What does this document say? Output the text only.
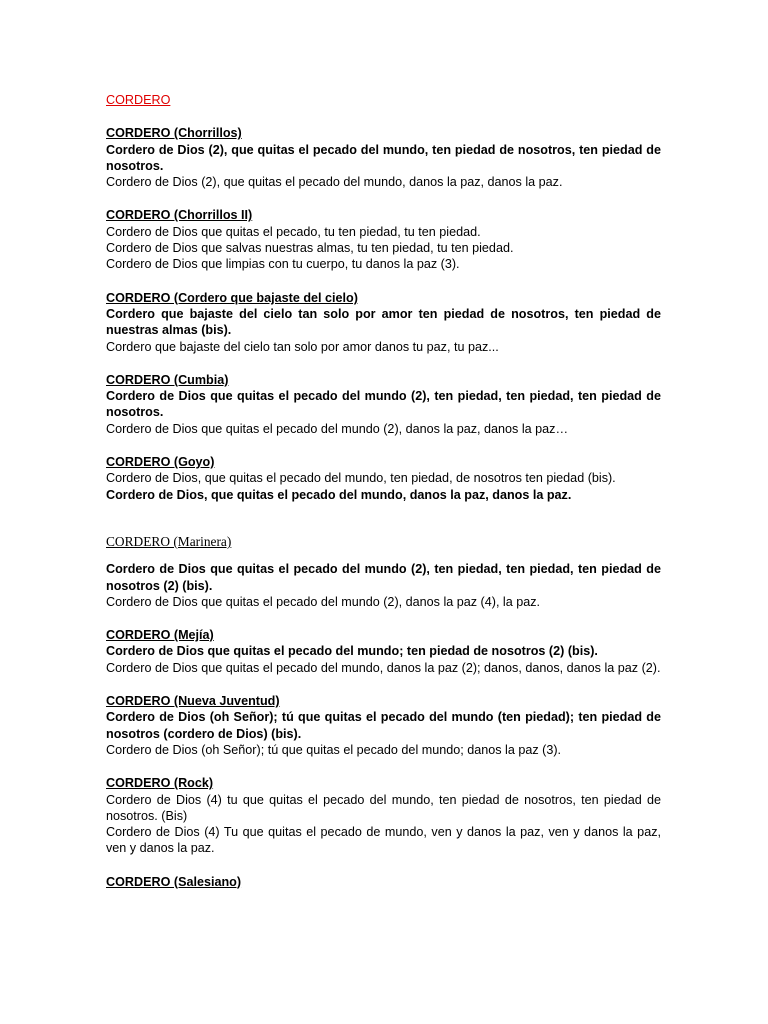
CORDERO

CORDERO (Chorrillos)

Cordero de Dios (2), que quitas el pecado del mundo, ten piedad de nosotros, ten piedad de nosotros.

Cordero de Dios (2), que quitas el pecado del mundo, danos la paz, danos la paz.

CORDERO (Chorrillos II)

Cordero de Dios que quitas el pecado, tu ten piedad, tu ten piedad.

Cordero de Dios que salvas nuestras almas, tu ten piedad, tu ten piedad.

Cordero de Dios que limpias con tu cuerpo, tu danos la paz (3).

CORDERO (Cordero que bajaste del cielo)

Cordero que bajaste del cielo tan solo por amor ten piedad de nosotros, ten piedad de nuestras almas (bis).

Cordero que bajaste del cielo tan solo por amor danos tu paz, tu paz...

CORDERO (Cumbia)

Cordero de Dios que quitas el pecado del mundo (2), ten piedad, ten piedad, ten piedad de nosotros.

Cordero de Dios que quitas el pecado del mundo (2), danos la paz, danos la paz…

CORDERO (Goyo)

Cordero de Dios, que quitas el pecado del mundo, ten piedad, de nosotros ten piedad (bis).

Cordero de Dios, que quitas el pecado del mundo, danos la paz, danos la paz.

CORDERO (Marinera)

Cordero de Dios que quitas el pecado del mundo (2), ten piedad, ten piedad, ten piedad de nosotros (2) (bis).

Cordero de Dios que quitas el pecado del mundo (2), danos la paz (4), la paz.

CORDERO (Mejía)

Cordero de Dios que quitas el pecado del mundo; ten piedad de nosotros (2) (bis).

Cordero de Dios que quitas el pecado del mundo, danos la paz (2); danos, danos, danos la paz (2).

CORDERO (Nueva Juventud)

Cordero de Dios (oh Señor); tú que quitas el pecado del mundo (ten piedad); ten piedad de nosotros (cordero de Dios) (bis).

Cordero de Dios (oh Señor); tú que quitas el pecado del mundo; danos la paz (3).

CORDERO (Rock)

Cordero de Dios (4) tu que quitas el pecado del mundo, ten piedad de nosotros, ten piedad de nosotros. (Bis)

Cordero de Dios (4) Tu que quitas el pecado de mundo, ven y danos la paz, ven y danos la paz, ven y danos la paz.

CORDERO (Salesiano)
